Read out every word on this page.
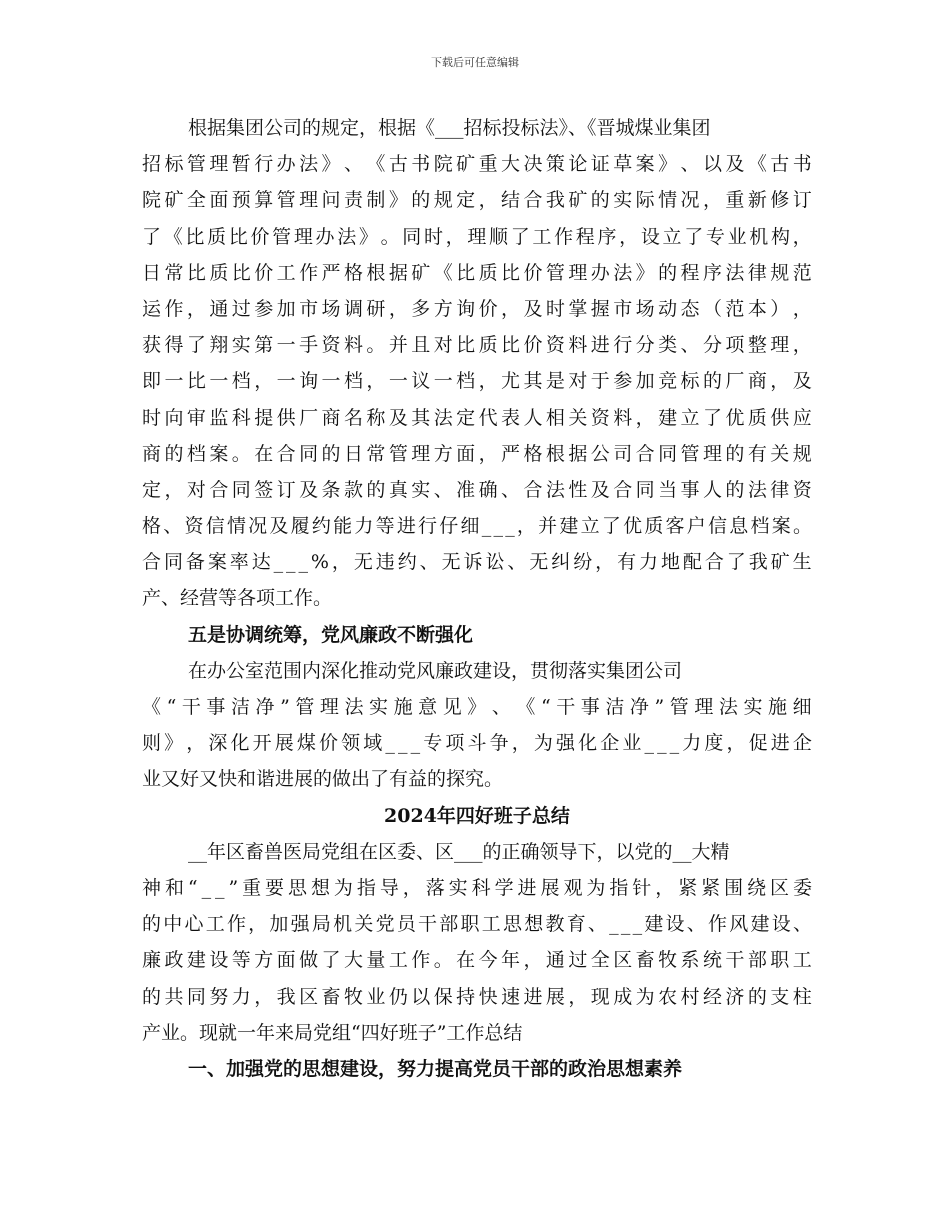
下载后可任意编辑
根据集团公司的规定，根据《___招标投标法》、《晋城煤业集团
招 标 管 理 暂 行 办 法 》 、 《 古 书 院 矿 重 大 决 策 论 证 草 案 》 、 以 及 《 古 书
院 矿 全 面 预 算 管 理 问 责 制 》 的 规 定 ， 结 合 我 矿 的 实 际 情 况 ， 重 新 修 订
了 《 比 质 比 价 管 理 办 法 》 。 同 时 ， 理 顺 了 工 作 程 序 ， 设 立 了 专 业 机 构 ，
日 常 比 质 比 价 工 作 严 格 根 据 矿 《 比 质 比 价 管 理 办 法 》 的 程 序 法 律 规 范
运 作 ， 通 过 参 加 市 场 调 研 ， 多 方 询 价 ， 及 时 掌 握 市 场 动 态 （ 范 本 ） ，
获 得 了 翔 实 第 一 手 资 料 。 并 且 对 比 质 比 价 资 料 进 行 分 类 、 分 项 整 理 ，
即 一 比 一 档 ， 一 询 一 档 ， 一 议 一 档 ， 尤 其 是 对 于 参 加 竞 标 的 厂 商 ， 及
时 向 审 监 科 提 供 厂 商 名 称 及 其 法 定 代 表 人 相 关 资 料 ， 建 立 了 优 质 供 应
商 的 档 案 。 在 合 同 的 日 常 管 理 方 面 ， 严 格 根 据 公 司 合 同 管 理 的 有 关 规
定 ， 对 合 同 签 订 及 条 款 的 真 实 、 准 确 、 合 法 性 及 合 同 当 事 人 的 法 律 资
格 、 资 信 情 况 及 履 约 能 力 等 进 行 仔 细 _ _ _ ， 并 建 立 了 优 质 客 户 信 息 档 案 。
合 同 备 案 率 达 _ _ _ % ， 无 违 约 、 无 诉 讼 、 无 纠 纷 ， 有 力 地 配 合 了 我 矿 生
产、经营等各项工作。
五是协调统筹，党风廉政不断强化
在办公室范围内深化推动党风廉政建设，贯彻落实集团公司
《 “ 干 事 洁 净 ” 管 理 法 实 施 意 见 》 、 《 “ 干 事 洁 净 ” 管 理 法 实 施 细
则 》 ， 深 化 开 展 煤 价 领 域 _ _ _ 专 项 斗 争 ， 为 强 化 企 业 _ _ _ 力 度 ， 促 进 企
业又好又快和谐进展的做出了有益的探究。
2024年四好班子总结
__年区畜兽医局党组在区委、区___的正确领导下，以党的__大精
神 和 “ _ _ ” 重 要 思 想 为 指 导 ， 落 实 科 学 进 展 观 为 指 针 ， 紧 紧 围 绕 区 委
的 中 心 工 作 ， 加 强 局 机 关 党 员 干 部 职 工 思 想 教 育 、 _ _ _ 建 设 、 作 风 建 设 、
廉 政 建 设 等 方 面 做 了 大 量 工 作 。 在 今 年 ， 通 过 全 区 畜 牧 系 统 干 部 职 工
的 共 同 努 力 ， 我 区 畜 牧 业 仍 以 保 持 快 速 进 展 ， 现 成 为 农 村 经 济 的 支 柱
产业。现就一年来局党组“四好班子”工作总结
一、加强党的思想建设，努力提高党员干部的政治思想素养
